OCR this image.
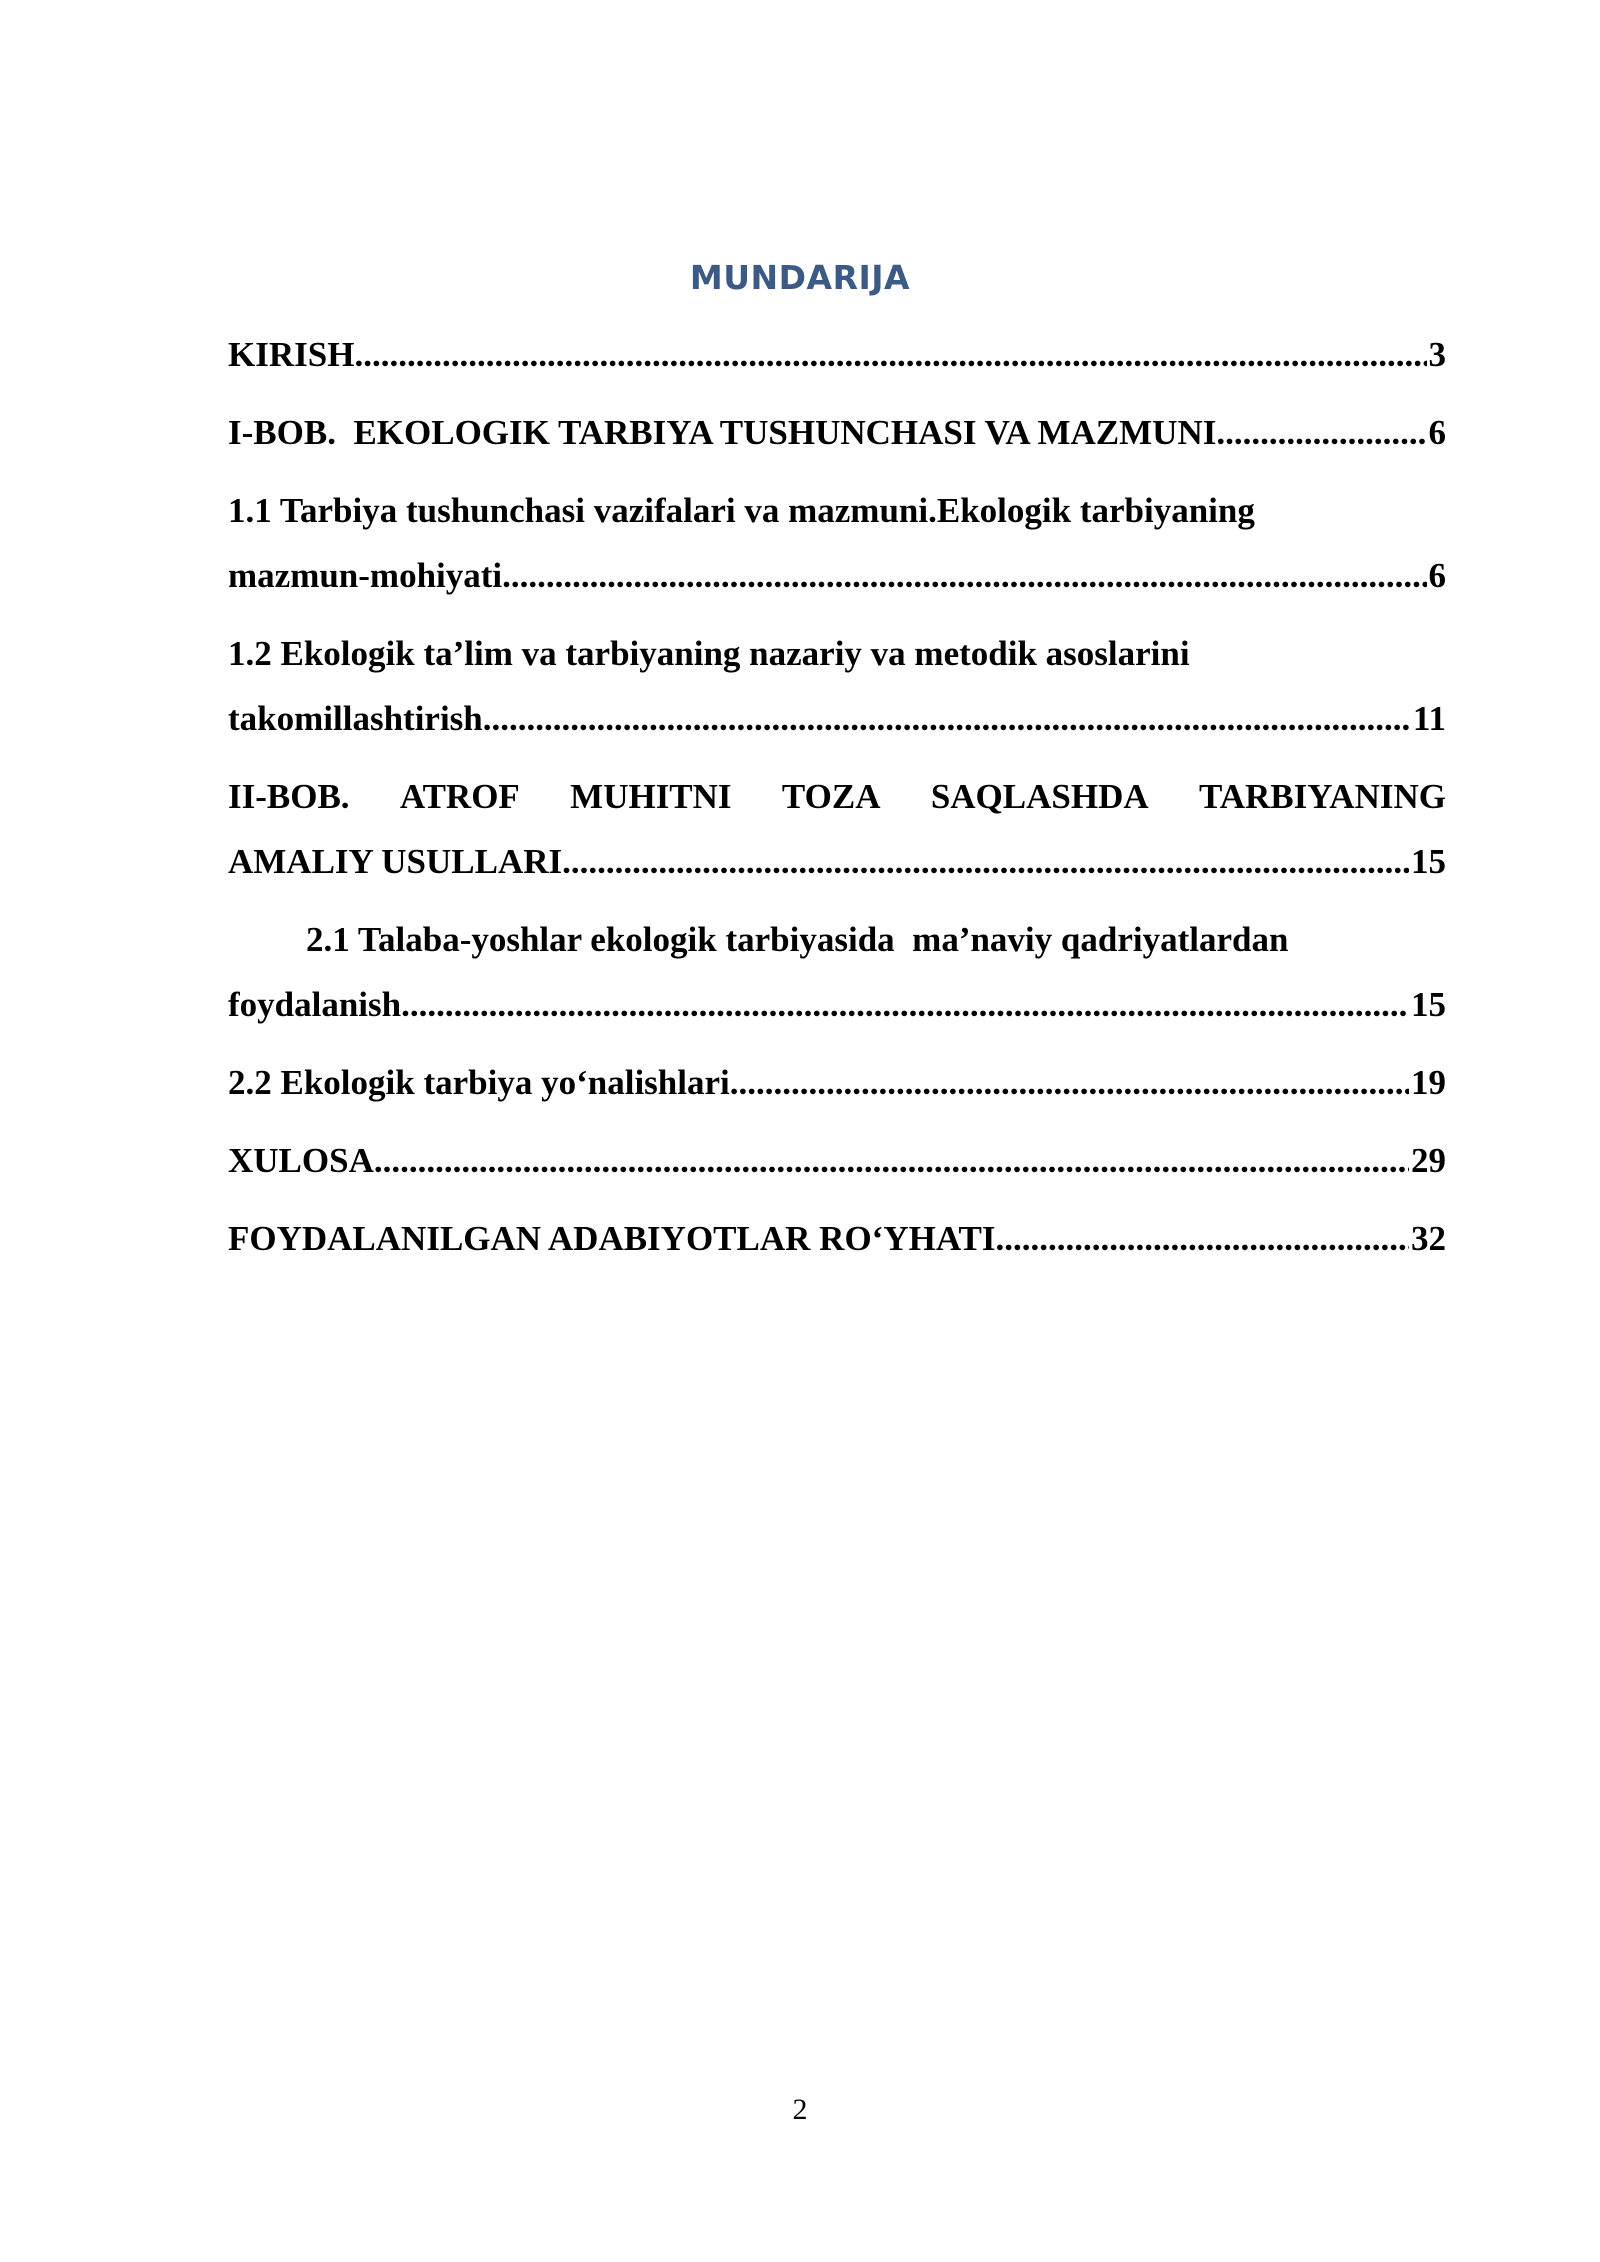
MUNDARIJA
KIRISH .....	3
I-BOB.  EKOLOGIK TARBIYA TUSHUNCHASI VA MAZMUNI .....	6
1.1 Tarbiya tushunchasi vazifalari va mazmuni.Ekologik tarbiyaning
mazmun-mohiyati .....	6
1.2 Ekologik ta’lim va tarbiyaning nazariy va metodik asoslarini
takomillashtirish .....	11
II-BOB. ATROF MUHITNI TOZA SAQLASHDA TARBIYANING
AMALIY USULLARI .....	15
2.1 Talaba-yoshlar ekologik tarbiyasida  ma’naviy qadriyatlardan
foydalanish .....	15
2.2 Ekologik tarbiya yo‘nalishlari .....	19
XULOSA .....	29
FOYDALANILGAN ADABIYOTLAR RO‘YHATI .....	32
2
